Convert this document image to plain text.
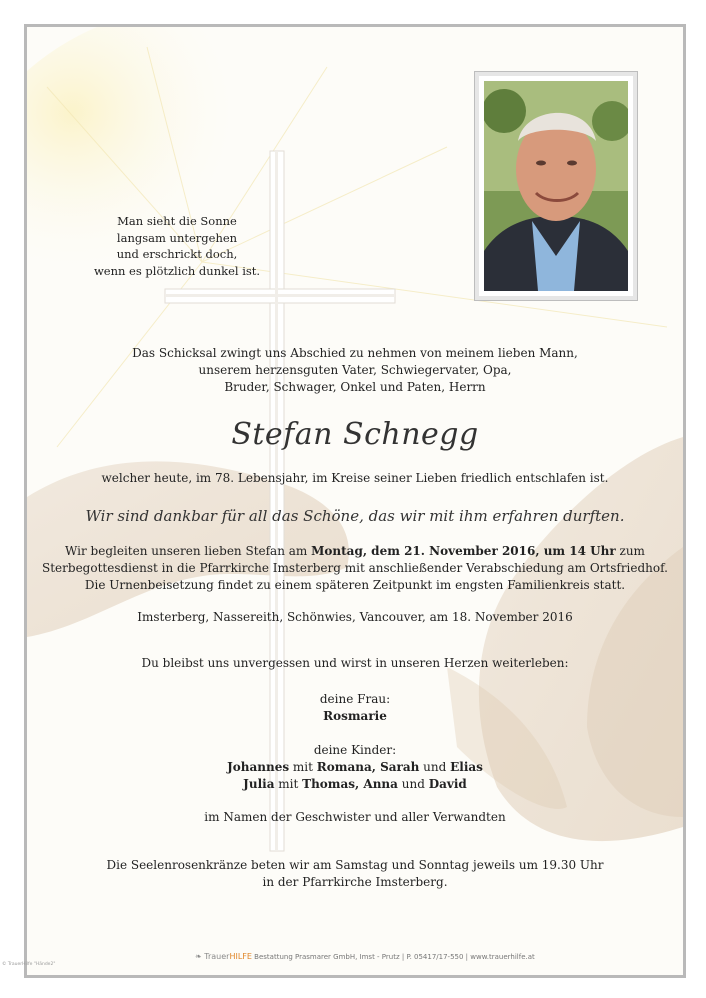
Man sieht die Sonne
langsam untergehen
und erschrickt doch,
wenn es plötzlich dunkel ist.
Das Schicksal zwingt uns Abschied zu nehmen von meinem lieben Mann,
unserem herzensguten Vater, Schwiegervater, Opa,
Bruder, Schwager, Onkel und Paten, Herrn
Stefan Schnegg
welcher heute, im 78. Lebensjahr, im Kreise seiner Lieben friedlich entschlafen ist.
Wir sind dankbar für all das Schöne, das wir mit ihm erfahren durften.
Wir begleiten unseren lieben Stefan am Montag, dem 21. November 2016, um 14 Uhr zum
Sterbegottesdienst in die Pfarrkirche Imsterberg mit anschließender Verabschiedung am Ortsfriedhof.
Die Urnenbeisetzung findet zu einem späteren Zeitpunkt im engsten Familienkreis statt.
Imsterberg, Nassereith, Schönwies, Vancouver, am 18. November 2016
Du bleibst uns unvergessen und wirst in unseren Herzen weiterleben:
deine Frau:
Rosmarie
deine Kinder:
Johannes mit Romana, Sarah und Elias
Julia mit Thomas, Anna und David
im Namen der Geschwister und aller Verwandten
Die Seelenrosenkränze beten wir am Samstag und Sonntag jeweils um 19.30 Uhr
in der Pfarrkirche Imsterberg.
❧ TrauerHILFE Bestattung Prasmarer GmbH, Imst - Prutz | P. 05417/17-550 | www.trauerhilfe.at
© TrauerHilfe "Hände2"
